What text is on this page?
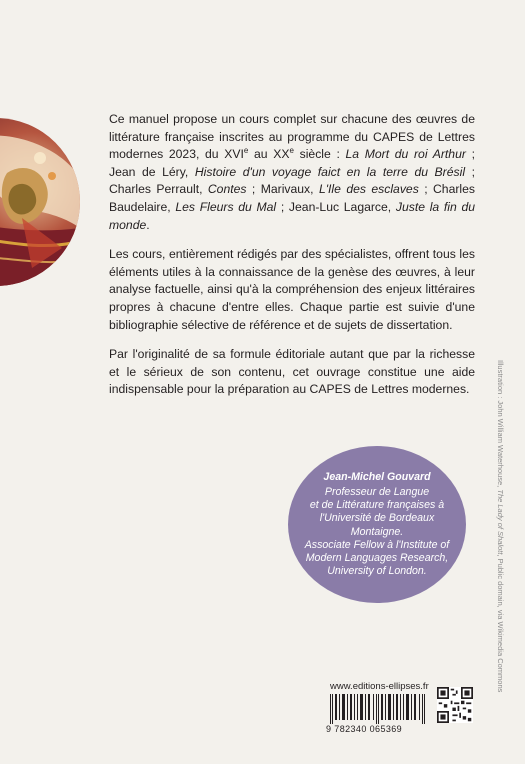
Ce manuel propose un cours complet sur chacune des œuvres de littérature française inscrites au programme du CAPES de Lettres modernes 2023, du XVIe au XXe siècle : La Mort du roi Arthur ; Jean de Léry, Histoire d'un voyage faict en la terre du Brésil ; Charles Perrault, Contes ; Marivaux, L'Ile des esclaves ; Charles Baudelaire, Les Fleurs du Mal ; Jean-Luc Lagarce, Juste la fin du monde.

Les cours, entièrement rédigés par des spécialistes, offrent tous les éléments utiles à la connaissance de la genèse des œuvres, à leur analyse factuelle, ainsi qu'à la compréhension des enjeux littéraires propres à chacune d'entre elles. Chaque partie est suivie d'une bibliographie sélective de référence et de sujets de dissertation.

Par l'originalité de sa formule éditoriale autant que par la richesse et le sérieux de son contenu, cet ouvrage constitue une aide indispensable pour la préparation au CAPES de Lettres modernes.

Jean-Michel Gouvard
Professeur de Langue
et de Littérature françaises à
l'Université de Bordeaux Montaigne.
Associate Fellow à l'Institute of
Modern Languages Research,
University of London.
Illustration : John William Waterhouse, The Lady of Shalott, Public domain, via Wikimedia Commons
www.editions-ellipses.fr
9 782340 065369
